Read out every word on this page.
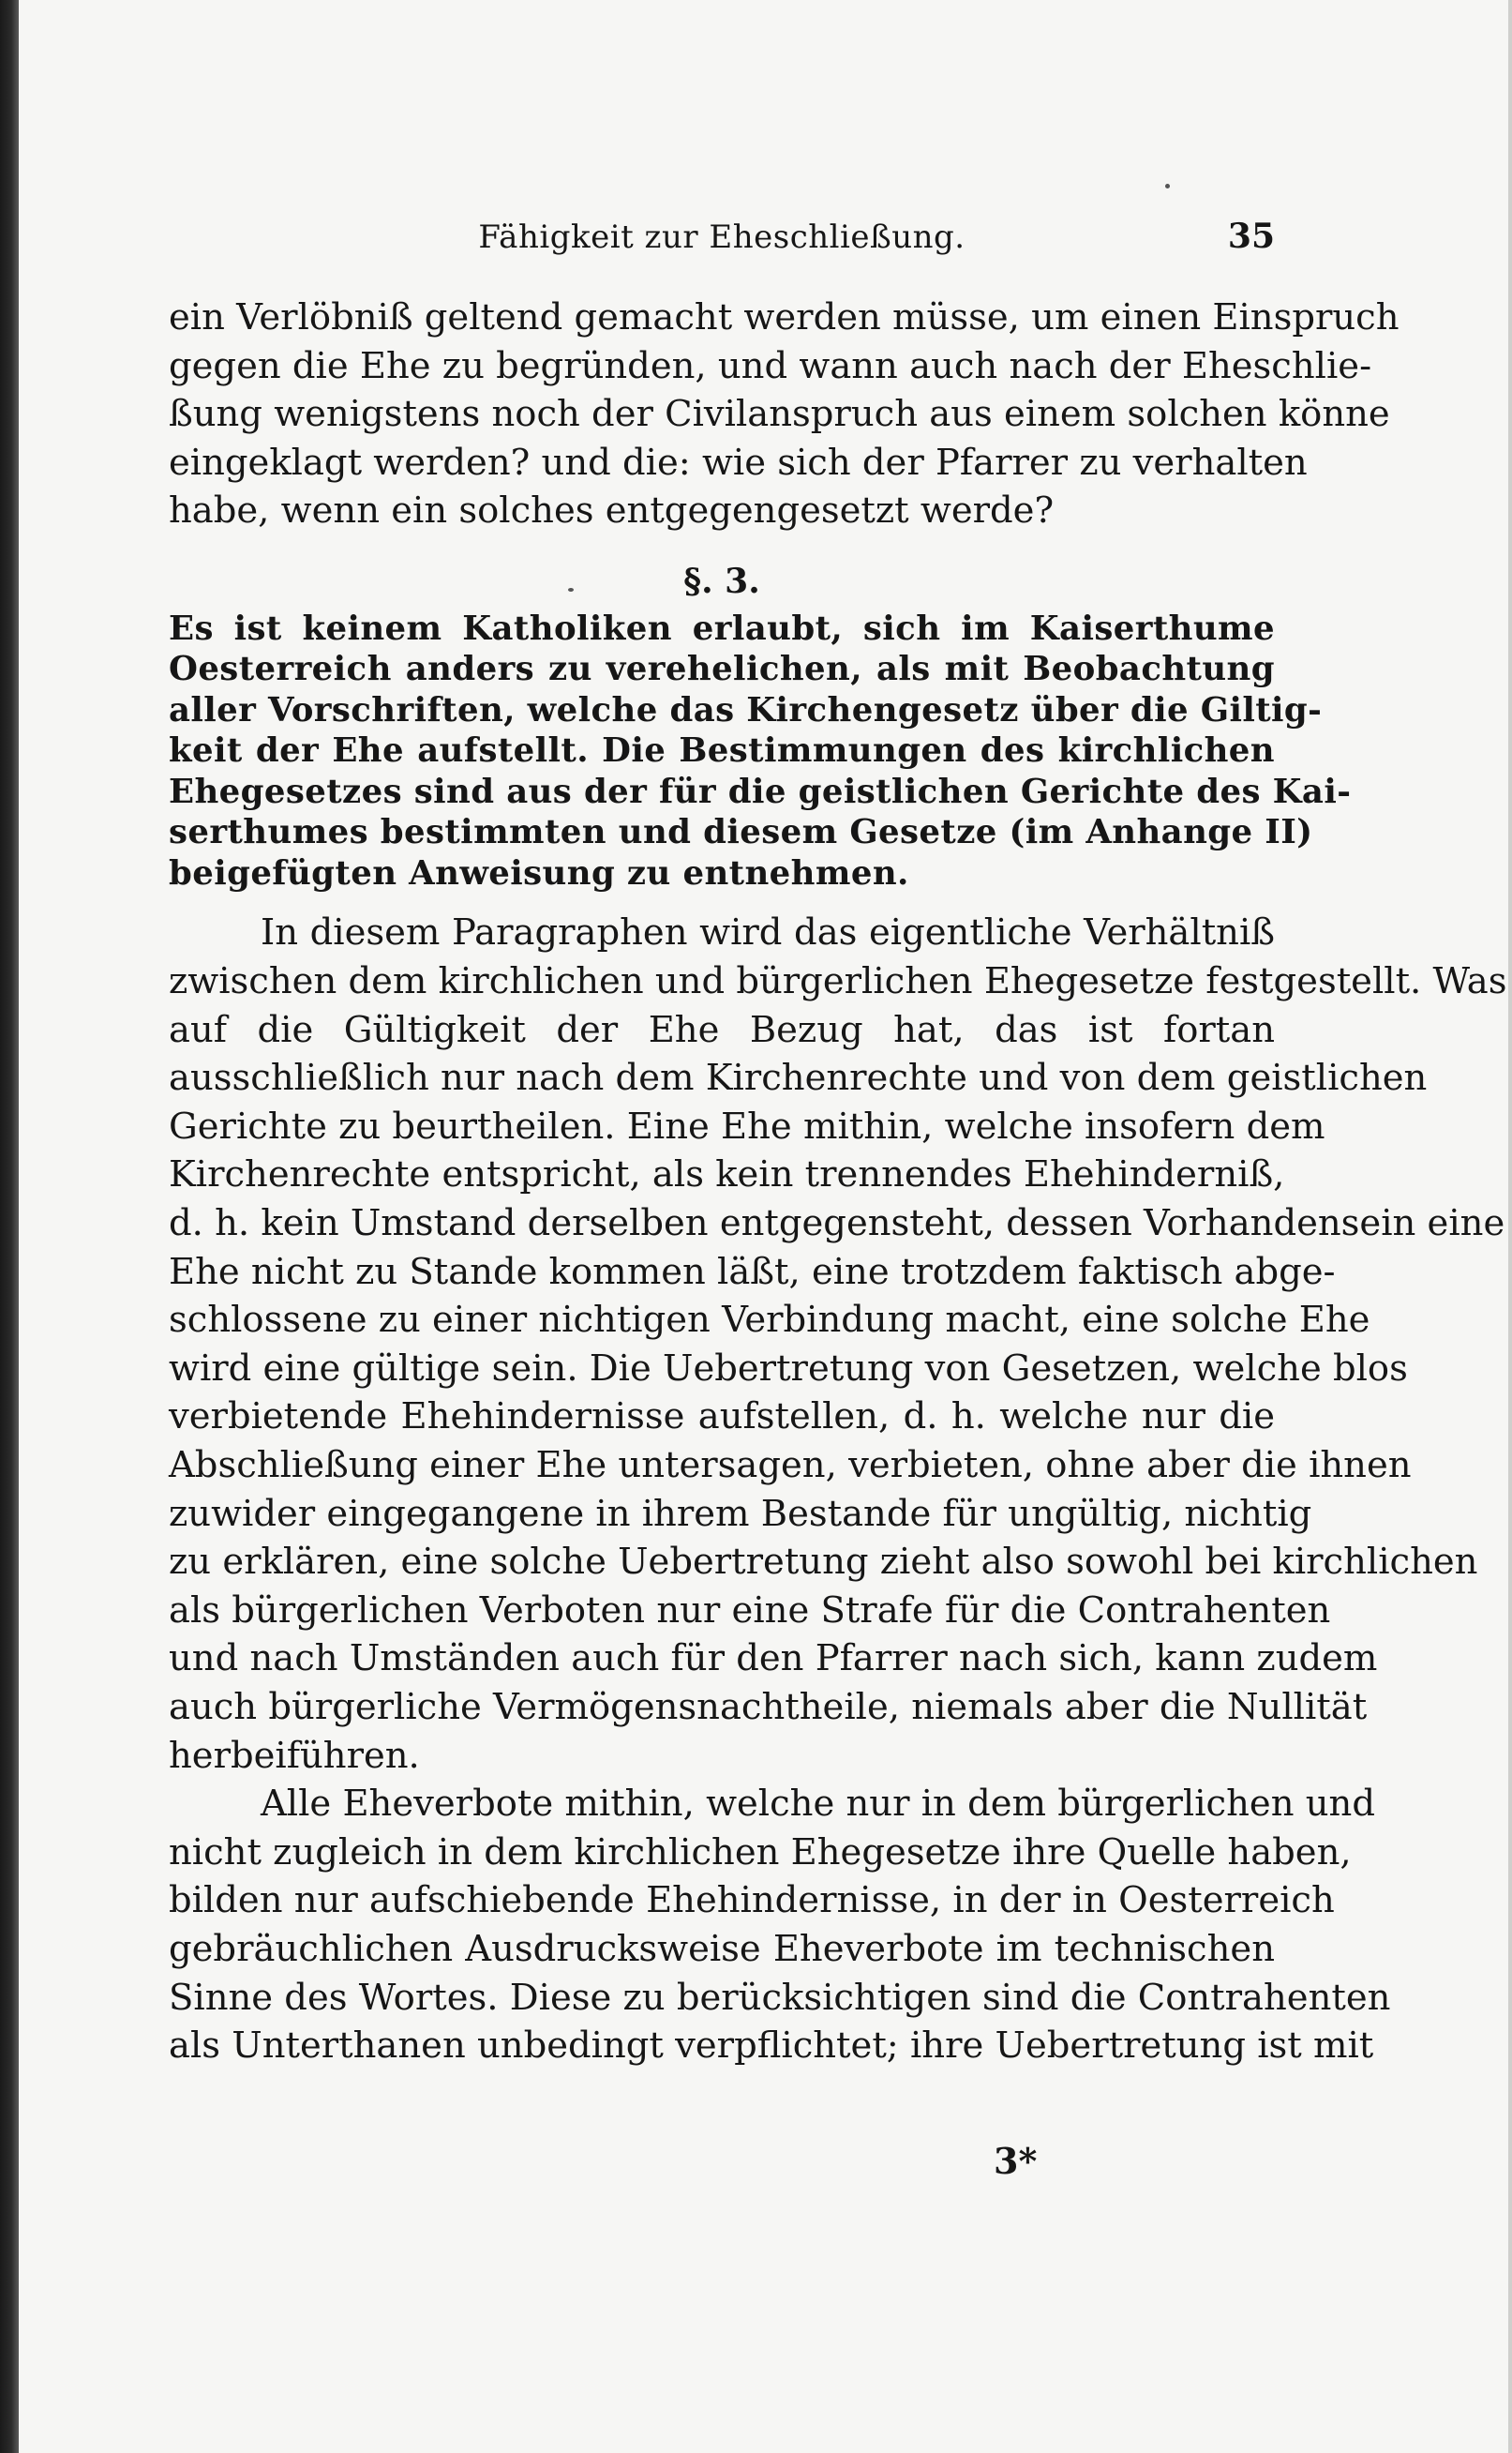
Fähigkeit zur Eheschließung.	35
ein Verlöbniß geltend gemacht werden müsse, um einen Einspruch
gegen die Ehe zu begründen, und wann auch nach der Eheschlie-
ßung wenigstens noch der Civilanspruch aus einem solchen könne
eingeklagt werden? und die: wie sich der Pfarrer zu verhalten
habe, wenn ein solches entgegengesetzt werde?
§. 3.
Es ist keinem Katholiken erlaubt, sich im Kaiserthume
Oesterreich anders zu verehelichen, als mit Beobachtung
aller Vorschriften, welche das Kirchengesetz über die Giltig-
keit der Ehe aufstellt. Die Bestimmungen des kirchlichen
Ehegesetzes sind aus der für die geistlichen Gerichte des Kai-
serthumes bestimmten und diesem Gesetze (im Anhange II)
beigefügten Anweisung zu entnehmen.
In diesem Paragraphen wird das eigentliche Verhältniß
zwischen dem kirchlichen und bürgerlichen Ehegesetze festgestellt. Was
auf die Gültigkeit der Ehe Bezug hat, das ist fortan
ausschließlich nur nach dem Kirchenrechte und von dem geistlichen
Gerichte zu beurtheilen. Eine Ehe mithin, welche insofern dem
Kirchenrechte entspricht, als kein trennendes Ehehinderniß,
d. h. kein Umstand derselben entgegensteht, dessen Vorhandensein eine
Ehe nicht zu Stande kommen läßt, eine trotzdem faktisch abge-
schlossene zu einer nichtigen Verbindung macht, eine solche Ehe
wird eine gültige sein. Die Uebertretung von Gesetzen, welche blos
verbietende Ehehindernisse aufstellen, d. h. welche nur die
Abschließung einer Ehe untersagen, verbieten, ohne aber die ihnen
zuwider eingegangene in ihrem Bestande für ungültig, nichtig
zu erklären, eine solche Uebertretung zieht also sowohl bei kirchlichen
als bürgerlichen Verboten nur eine Strafe für die Contrahenten
und nach Umständen auch für den Pfarrer nach sich, kann zudem
auch bürgerliche Vermögensnachtheile, niemals aber die Nullität
herbeiführen.
Alle Eheverbote mithin, welche nur in dem bürgerlichen und
nicht zugleich in dem kirchlichen Ehegesetze ihre Quelle haben,
bilden nur aufschiebende Ehehindernisse, in der in Oesterreich
gebräuchlichen Ausdrucksweise Eheverbote im technischen
Sinne des Wortes. Diese zu berücksichtigen sind die Contrahenten
als Unterthanen unbedingt verpflichtet; ihre Uebertretung ist mit
3*
